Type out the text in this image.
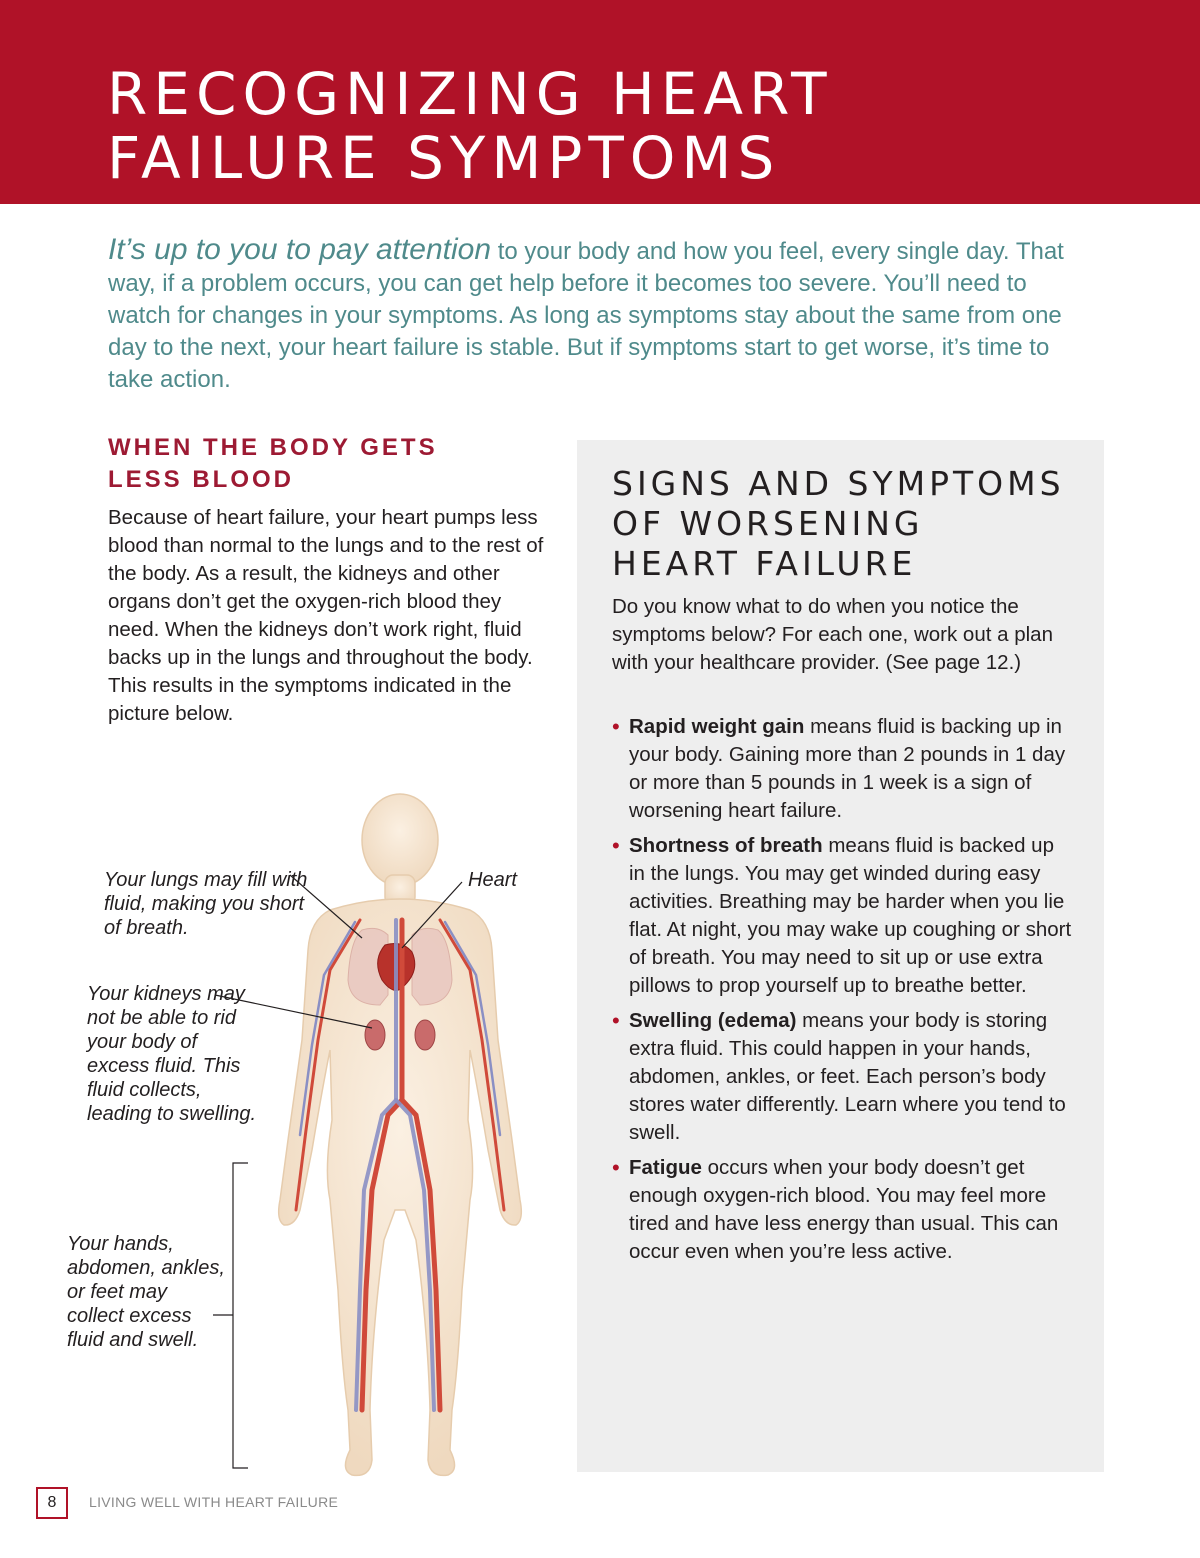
RECOGNIZING HEART
FAILURE SYMPTOMS

It’s up to you to pay attention to your body and how you feel, every single day. That way, if a problem occurs, you can get help before it becomes too severe. You’ll need to watch for changes in your symptoms. As long as symptoms stay about the same from one day to the next, your heart failure is stable. But if symptoms start to get worse, it’s time to take action.

WHEN THE BODY GETS
LESS BLOOD

Because of heart failure, your heart pumps less blood than normal to the lungs and to the rest of the body. As a result, the kidneys and other organs don’t get the oxygen-rich blood they need. When the kidneys don’t work right, fluid backs up in the lungs and throughout the body. This results in the symptoms indicated in the picture below.

Your lungs may fill with fluid, making you short of breath.

Heart

Your kidneys may not be able to rid your body of excess fluid. This fluid collects, leading to swelling.

Your hands, abdomen, ankles, or feet may collect excess fluid and swell.

SIGNS AND SYMPTOMS
OF WORSENING
HEART FAILURE

Do you know what to do when you notice the symptoms below? For each one, work out a plan with your healthcare provider. (See page 12.)

• Rapid weight gain means fluid is backing up in your body. Gaining more than 2 pounds in 1 day or more than 5 pounds in 1 week is a sign of worsening heart failure.
• Shortness of breath means fluid is backed up in the lungs. You may get winded during easy activities. Breathing may be harder when you lie flat. At night, you may wake up coughing or short of breath. You may need to sit up or use extra pillows to prop yourself up to breathe better.
• Swelling (edema) means your body is storing extra fluid. This could happen in your hands, abdomen, ankles, or feet. Each person’s body stores water differently. Learn where you tend to swell.
• Fatigue occurs when your body doesn’t get enough oxygen-rich blood. You may feel more tired and have less energy than usual. This can occur even when you’re less active.
8	LIVING WELL WITH HEART FAILURE
